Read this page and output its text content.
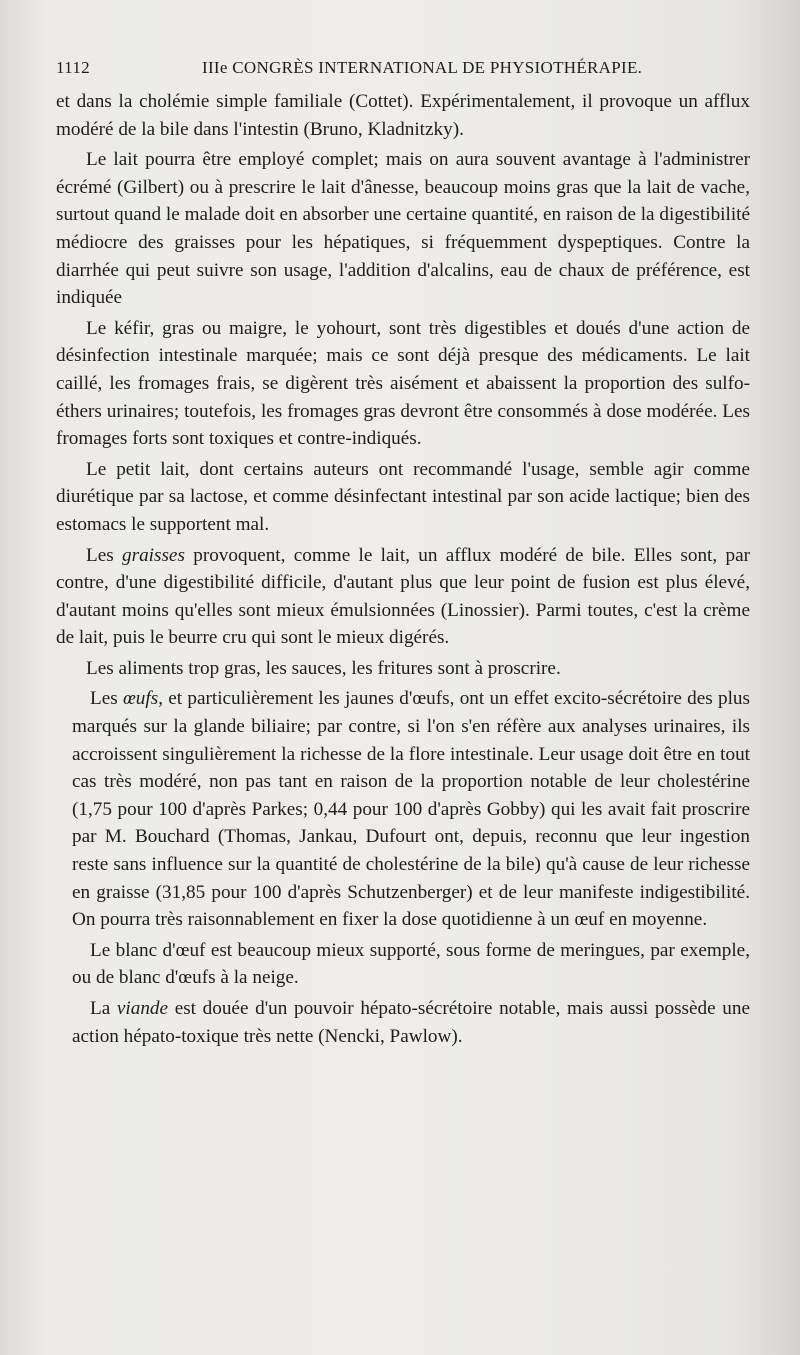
1112	IIIe CONGRÈS INTERNATIONAL DE PHYSIOTHÉRAPIE.

et dans la cholémie simple familiale (Cottet). Expérimentalement, il provoque un afflux modéré de la bile dans l'intestin (Bruno, Kladnitzky).

Le lait pourra être employé complet; mais on aura souvent avantage à l'administrer écrémé (Gilbert) ou à prescrire le lait d'ânesse, beaucoup moins gras que la lait de vache, surtout quand le malade doit en absorber une certaine quantité, en raison de la digestibilité médiocre des graisses pour les hépatiques, si fréquemment dyspeptiques. Contre la diarrhée qui peut suivre son usage, l'addition d'alcalins, eau de chaux de préférence, est indiquée

Le kéfir, gras ou maigre, le yohourt, sont très digestibles et doués d'une action de désinfection intestinale marquée; mais ce sont déjà presque des médicaments. Le lait caillé, les fromages frais, se digèrent très aisément et abaissent la proportion des sulfo-éthers urinaires; toutefois, les fromages gras devront être consommés à dose modérée. Les fromages forts sont toxiques et contre-indiqués.

Le petit lait, dont certains auteurs ont recommandé l'usage, semble agir comme diurétique par sa lactose, et comme désinfectant intestinal par son acide lactique; bien des estomacs le supportent mal.

Les graisses provoquent, comme le lait, un afflux modéré de bile. Elles sont, par contre, d'une digestibilité difficile, d'autant plus que leur point de fusion est plus élevé, d'autant moins qu'elles sont mieux émulsionnées (Linossier). Parmi toutes, c'est la crème de lait, puis le beurre cru qui sont le mieux digérés.

Les aliments trop gras, les sauces, les fritures sont à proscrire.

Les œufs, et particulièrement les jaunes d'œufs, ont un effet excito-sécrétoire des plus marqués sur la glande biliaire; par contre, si l'on s'en réfère aux analyses urinaires, ils accroissent singulièrement la richesse de la flore intestinale. Leur usage doit être en tout cas très modéré, non pas tant en raison de la proportion notable de leur cholestérine (1,75 pour 100 d'après Parkes; 0,44 pour 100 d'après Gobby) qui les avait fait proscrire par M. Bouchard (Thomas, Jankau, Dufourt ont, depuis, reconnu que leur ingestion reste sans influence sur la quantité de cholestérine de la bile) qu'à cause de leur richesse en graisse (31,85 pour 100 d'après Schutzenberger) et de leur manifeste indigestibilité. On pourra très raisonnablement en fixer la dose quotidienne à un œuf en moyenne.

Le blanc d'œuf est beaucoup mieux supporté, sous forme de meringues, par exemple, ou de blanc d'œufs à la neige.

La viande est douée d'un pouvoir hépato-sécrétoire notable, mais aussi possède une action hépato-toxique très nette (Nencki, Pawlow).
